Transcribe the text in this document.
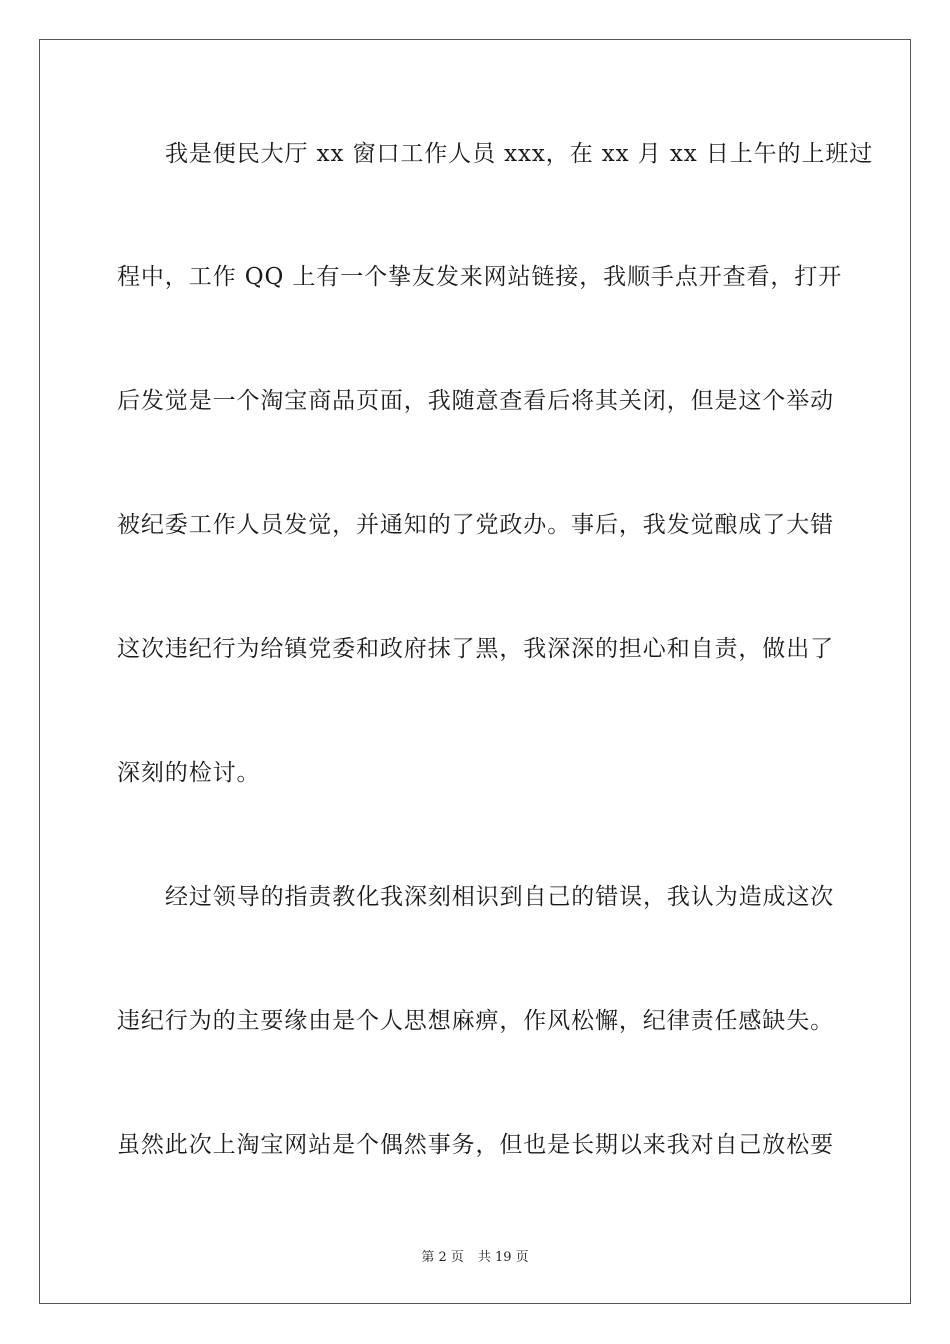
我是便民大厅 xx 窗口工作人员 xxx，在 xx 月 xx 日上午的上班过
程中，工作 QQ 上有一个挚友发来网站链接，我顺手点开查看，打开
后发觉是一个淘宝商品页面，我随意查看后将其关闭，但是这个举动
被纪委工作人员发觉，并通知的了党政办。事后，我发觉酿成了大错
这次违纪行为给镇党委和政府抹了黑，我深深的担心和自责，做出了
深刻的检讨。
经过领导的指责教化我深刻相识到自己的错误，我认为造成这次
违纪行为的主要缘由是个人思想麻痹，作风松懈，纪律责任感缺失。
虽然此次上淘宝网站是个偶然事务，但也是长期以来我对自己放松要
第 2 页 共 19 页
